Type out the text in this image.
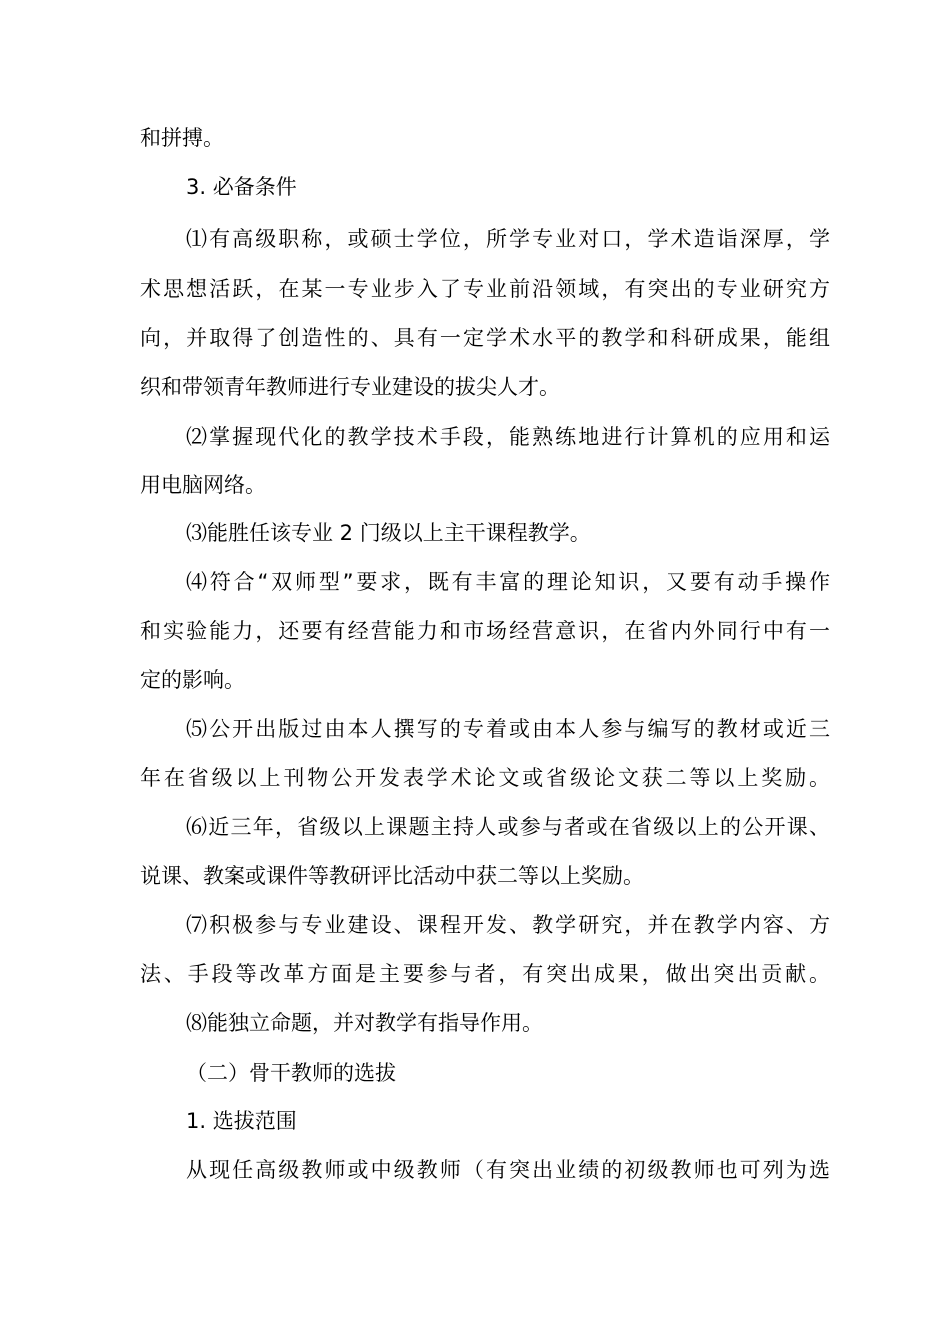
和拼搏。
3. 必备条件
⑴有高级职称，或硕士学位，所学专业对口，学术造诣深厚，学
术思想活跃，在某一专业步入了专业前沿领域，有突出的专业研究方
向，并取得了创造性的、具有一定学术水平的教学和科研成果，能组
织和带领青年教师进行专业建设的拔尖人才。
⑵掌握现代化的教学技术手段，能熟练地进行计算机的应用和运
用电脑网络。
⑶能胜任该专业 2 门级以上主干课程教学。
⑷符合“双师型”要求，既有丰富的理论知识，又要有动手操作
和实验能力，还要有经营能力和市场经营意识，在省内外同行中有一
定的影响。
⑸公开出版过由本人撰写的专着或由本人参与编写的教材或近三
年在省级以上刊物公开发表学术论文或省级论文获二等以上奖励。
⑹近三年，省级以上课题主持人或参与者或在省级以上的公开课、
说课、教案或课件等教研评比活动中获二等以上奖励。
⑺积极参与专业建设、课程开发、教学研究，并在教学内容、方
法、手段等改革方面是主要参与者，有突出成果，做出突出贡献。
⑻能独立命题，并对教学有指导作用。
（二）骨干教师的选拔
1. 选拔范围
从现任高级教师或中级教师（有突出业绩的初级教师也可列为选
